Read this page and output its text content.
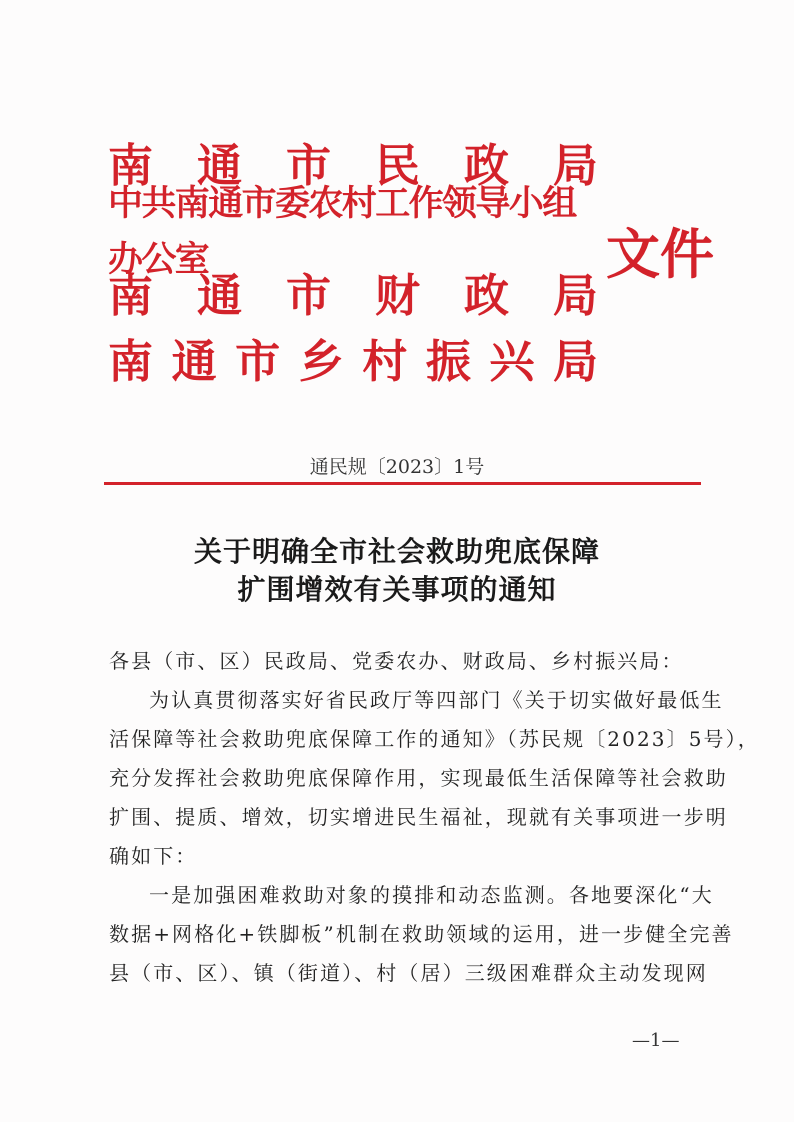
南 通 市 民 政 局
中共南通市委农村工作领导小组办公室
南 通 市 财 政 局
南 通 市 乡 村 振 兴 局
文件
通民规〔2023〕1号
关于明确全市社会救助兜底保障
扩围增效有关事项的通知
各县（市、区）民政局、党委农办、财政局、乡村振兴局：
为认真贯彻落实好省民政厅等四部门《关于切实做好最低生
活保障等社会救助兜底保障工作的通知》（苏民规〔2023〕5号），
充分发挥社会救助兜底保障作用，实现最低生活保障等社会救助
扩围、提质、增效，切实增进民生福祉，现就有关事项进一步明
确如下：
一是加强困难救助对象的摸排和动态监测。各地要深化“大
数据+网格化+铁脚板”机制在救助领域的运用，进一步健全完善
县（市、区）、镇（街道）、村（居）三级困难群众主动发现网
—1—
